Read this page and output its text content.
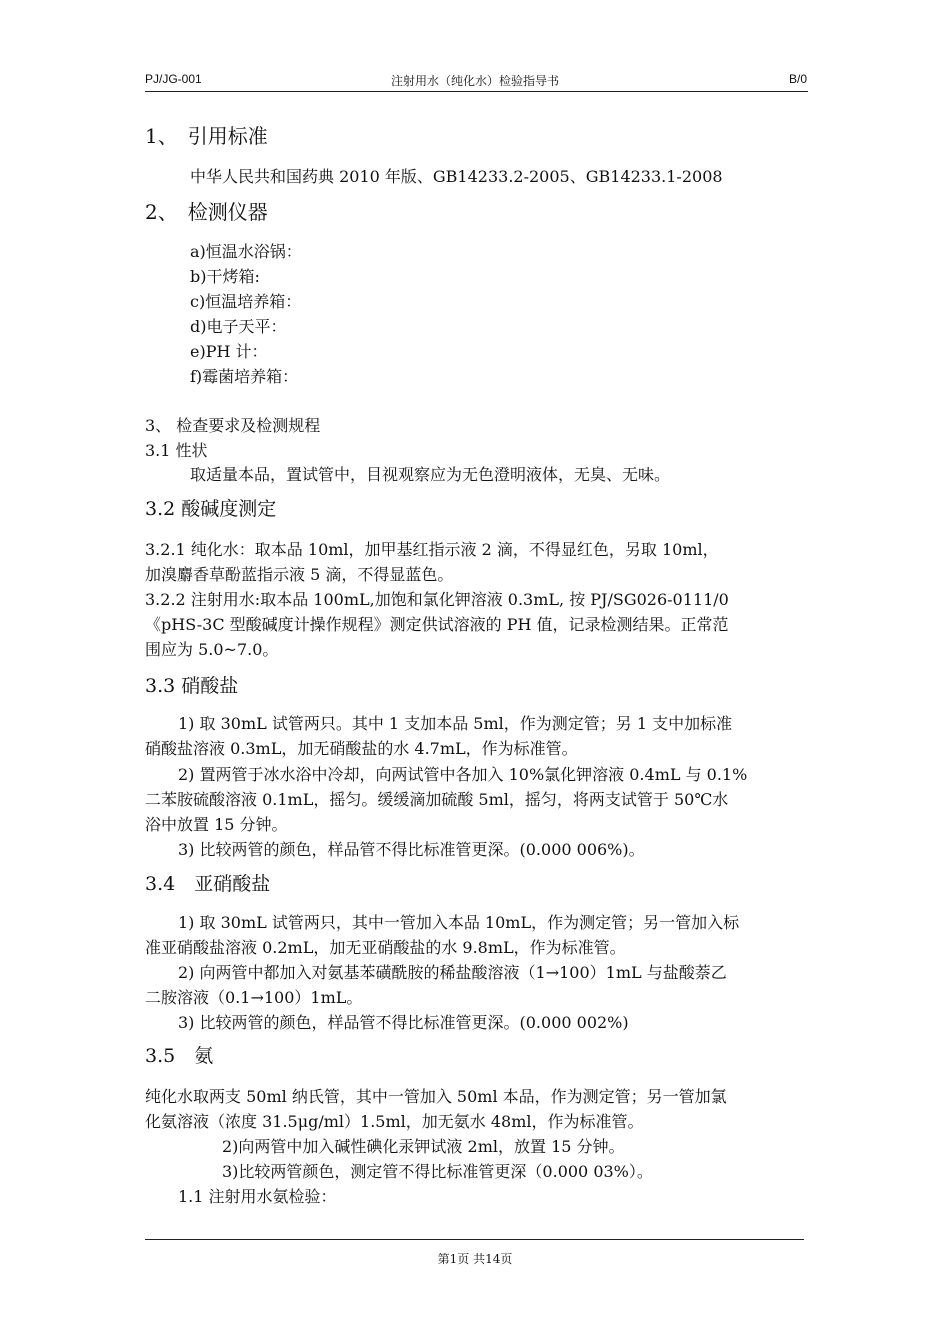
PJ/JG-001	注射用水（纯化水）检验指导书	B/0
1、　引用标准
中华人民共和国药典 2010 年版、GB14233.2-2005、GB14233.1-2008
2、　检测仪器
a)恒温水浴锅：
b)干烤箱:
c)恒温培养箱：
d)电子天平：
e)PH 计：
f)霉菌培养箱：
3、 检查要求及检测规程
3.1 性状
取适量本品，置试管中，目视观察应为无色澄明液体，无臭、无味。
3.2 酸碱度测定
3.2.1 纯化水：取本品 10ml，加甲基红指示液 2 滴，不得显红色，另取 10ml，
加溴麝香草酚蓝指示液 5 滴，不得显蓝色。
3.2.2 注射用水:取本品 100mL,加饱和氯化钾溶液 0.3mL, 按 PJ/SG026-0111/0
《pHS-3C 型酸碱度计操作规程》测定供试溶液的 PH 值，记录检测结果。正常范
围应为 5.0~7.0。
3.3 硝酸盐
1) 取 30mL 试管两只。其中 1 支加本品 5ml，作为测定管；另 1 支中加标准
硝酸盐溶液 0.3mL，加无硝酸盐的水 4.7mL，作为标准管。
2) 置两管于冰水浴中冷却，向两试管中各加入 10%氯化钾溶液 0.4mL 与 0.1%
二苯胺硫酸溶液 0.1mL，摇匀。缓缓滴加硫酸 5ml，摇匀，将两支试管于 50℃水
浴中放置 15 分钟。
3) 比较两管的颜色，样品管不得比标准管更深。(0.000 006%)。
3.4　亚硝酸盐
1) 取 30mL 试管两只，其中一管加入本品 10mL，作为测定管；另一管加入标
准亚硝酸盐溶液 0.2mL，加无亚硝酸盐的水 9.8mL，作为标准管。
2) 向两管中都加入对氨基苯磺酰胺的稀盐酸溶液（1→100）1mL 与盐酸萘乙
二胺溶液（0.1→100）1mL。
3) 比较两管的颜色，样品管不得比标准管更深。(0.000 002%)
3.5　氨
纯化水取两支 50ml 纳氏管，其中一管加入 50ml 本品，作为测定管；另一管加氯
化氨溶液（浓度 31.5μg/ml）1.5ml，加无氨水 48ml，作为标准管。
2)向两管中加入碱性碘化汞钾试液 2ml，放置 15 分钟。
3)比较两管颜色，测定管不得比标准管更深（0.000 03%）。
1.1 注射用水氨检验：
第1页 共14页
